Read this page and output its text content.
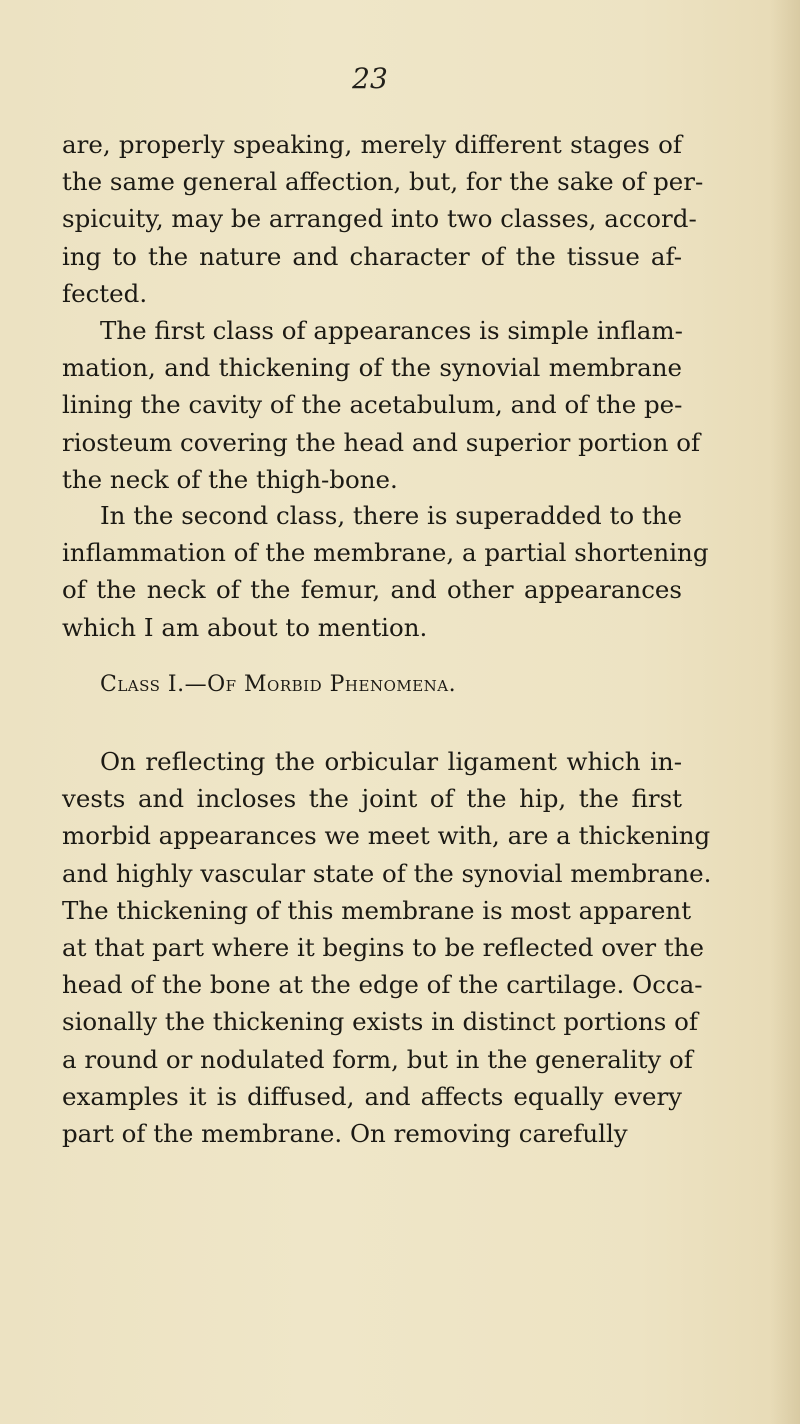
23

are, properly speaking, merely different stages of
the same general affection, but, for the sake of per-
spicuity, may be arranged into two classes, accord-
ing to the nature and character of the tissue af-
fected.

The first class of appearances is simple inflam-
mation, and thickening of the synovial membrane
lining the cavity of the acetabulum, and of the pe-
riosteum covering the head and superior portion of
the neck of the thigh-bone.

In the second class, there is superadded to the
inflammation of the membrane, a partial shortening
of the neck of the femur, and other appearances
which I am about to mention.

Class I.—Of Morbid Phenomena.

On reflecting the orbicular ligament which in-
vests and incloses the joint of the hip, the first
morbid appearances we meet with, are a thickening
and highly vascular state of the synovial membrane.
The thickening of this membrane is most apparent
at that part where it begins to be reflected over the
head of the bone at the edge of the cartilage. Occa-
sionally the thickening exists in distinct portions of
a round or nodulated form, but in the generality of
examples it is diffused, and affects equally every
part of the membrane. On removing carefully
